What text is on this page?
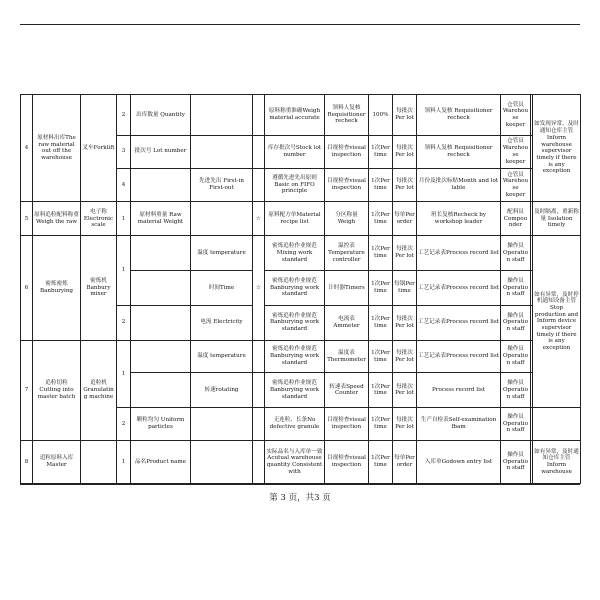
4	原材料出库The raw material out off the warehouse	叉车Forklift	2	出库数量 Quantity			原料称重准确Weigh material accurate	领料人复核 Requisitioner recheck	100%	每批次Per lot	领料人复核 Requisitioner recheck	仓管员 Warehouse keeper		如发现异常，及时通知仓库主管 Inform warehouse supervisor timely if there is any exception
			3	批次号 Lot number			库存批次号Stock lot number	目视检查visual inspection	1次Per time	每批次Per lot	领料人复核 Requisitioner recheck	仓管员 Warehouse keeper		
			4		先进先出 First-in First-out		遵循先进先出原则 Basic on FIFO principle	目视检查visual inspection	1次Per time	每批次Per lot	月份及批次标贴Month and lot lable	仓管员 Warehouse keeper		
5	原料追粒配料称重 Weigh the raw	电子称 Electronic scale	1	原材料重量 Raw material Weight		☆	原料配方单Material recipe list	分区称量 Weigh	1次Per time	每单Per order	班长复核Recheck by workshop leader	配料员 Compounder		及时隔离，重新称量 Isolation timely
6	密炼密炼 Banburying	密炼机 Banbury mixer	1		温度 temperature	☆	密炼追粒作业规范 Mixing work standard	温控表 Temperature controller	1次Per time	每批次Per lot	工艺记录表Process record list	操作员 Operation staff		如有异常，及时停机通知设备主管Stop production and Inform device supervisor timely if there is any exception
					时间Time		密炼追粒作业规范 Banburying work standard	计时器Timers	1次Per time	每锅Per time	工艺记录表Process record list	操作员 Operation staff		
			2		电流 Electricity		密炼追粒作业规范 Banburying work standard	电流表 Ammeter	1次Per time	每批次Per lot	工艺记录表Process record list	操作员 Operation staff		
7	追粒切粒 Cutting into master batch	追粒机 Granulating machine	1		温度 temperature		密炼追粒作业规范 Banburying work standard	温度表 Thermometer	1次Per time	每批次Per lot	工艺记录表Process record list	操作员 Operation staff		
					转速rotating		密炼追粒作业规范 Banburying work standard	转速表Speed Counter	1次Per time	每批次Per lot	Process record list	操作员 Operation staff		
			2	颗粒均匀 Uniform particles			无连粒、长条No defective granule	目视检查visual inspection	1次Per time	每批次Per lot	生产自检表Self-examination fbam	操作员 Operation staff		
8	追粒原料入库 Master		1	品名Product name			实际品名与入库单一致Acutual warehouse quantity Consistent with	目视检查visual inspection	1次Per time	每单Per order	入库单Godown entry list	操作员 Operation staff		如有异常，及时通知仓库主管 Inform warehouse
第 3 页，共3 页
